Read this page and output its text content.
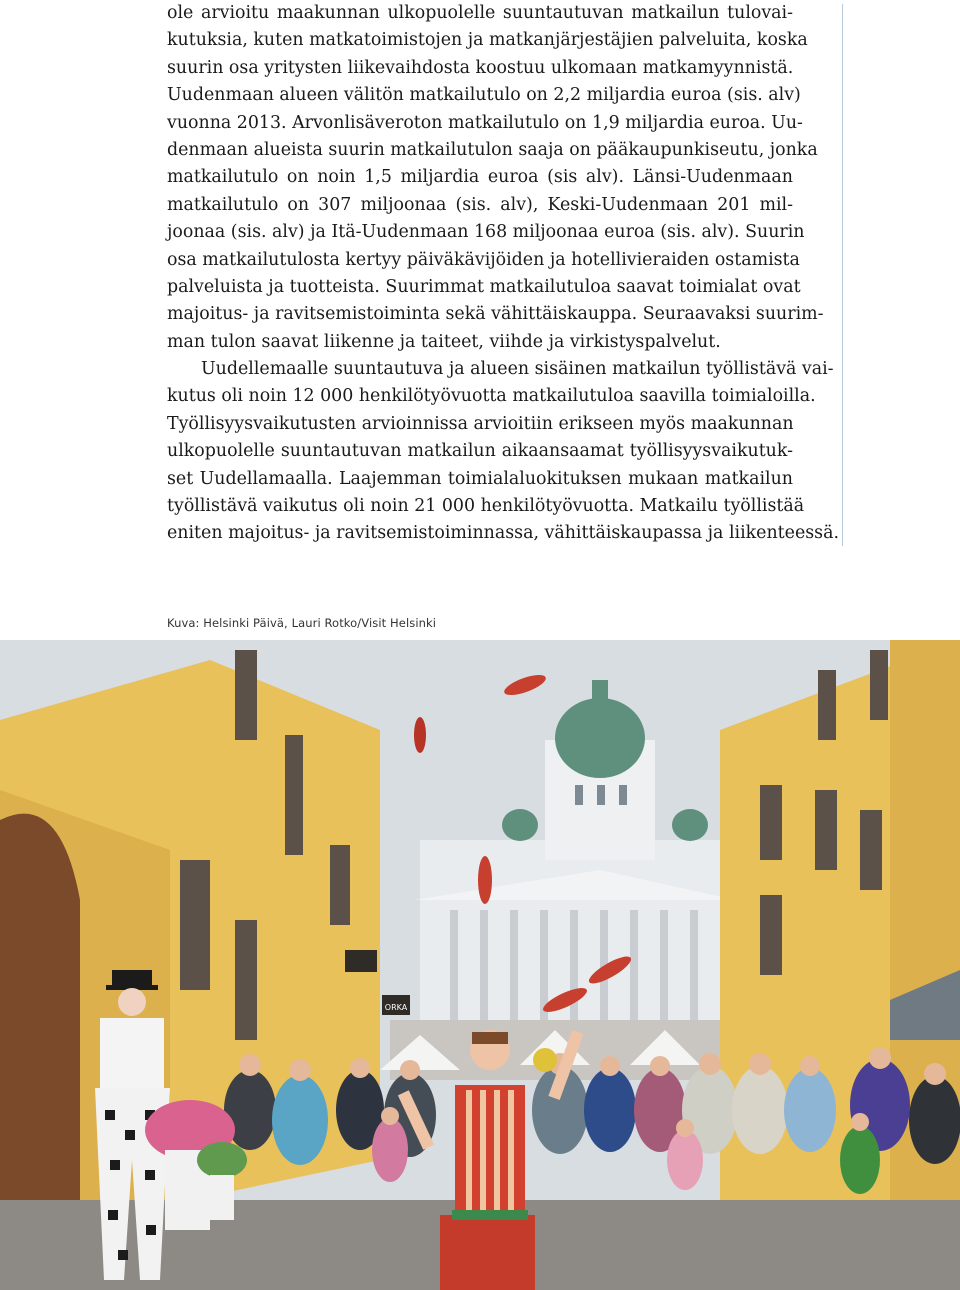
ole arvioitu maakunnan ulkopuolelle suuntautuvan matkailun tulovai-
kutuksia, kuten matkatoimistojen ja matkanjärjestäjien palveluita, koska
suurin osa yritysten liikevaihdosta koostuu ulkomaan matkamyynnistä.
Uudenmaan alueen välitön matkailutulo on 2,2 miljardia euroa (sis. alv)
vuonna 2013. Arvonlisäveroton matkailutulo on 1,9 miljardia euroa. Uu-
denmaan alueista suurin matkailutulon saaja on pääkaupunkiseutu, jonka
matkailutulo on noin 1,5 miljardia euroa (sis alv). Länsi-Uudenmaan
matkailutulo on 307 miljoonaa (sis. alv), Keski-Uudenmaan 201 mil-
joonaa (sis. alv) ja Itä-Uudenmaan 168 miljoonaa euroa (sis. alv). Suurin
osa matkailutulosta kertyy päiväkävijöiden ja hotellivieraiden ostamista
palveluista ja tuotteista. Suurimmat matkailutuloa saavat toimialat ovat
majoitus- ja ravitsemistoiminta sekä vähittäiskauppa. Seuraavaksi suurim-
man tulon saavat liikenne ja taiteet, viihde ja virkistyspalvelut.
Uudellemaalle suuntautuva ja alueen sisäinen matkailun työllistävä vai-
kutus oli noin 12 000 henkilötyövuotta matkailutuloa saavilla toimialoilla.
Työllisyysvaikutusten arvioinnissa arvioitiin erikseen myös maakunnan
ulkopuolelle suuntautuvan matkailun aikaansaamat työllisyysvaikutuk-
set Uudellamaalla. Laajemman toimialaluokituksen mukaan matkailun
työllistävä vaikutus oli noin 21 000 henkilötyövuotta. Matkailu työllistää
eniten majoitus- ja ravitsemistoiminnassa, vähittäiskaupassa ja liikenteessä.
Kuva: Helsinki Päivä, Lauri Rotko/Visit Helsinki
ORKA
